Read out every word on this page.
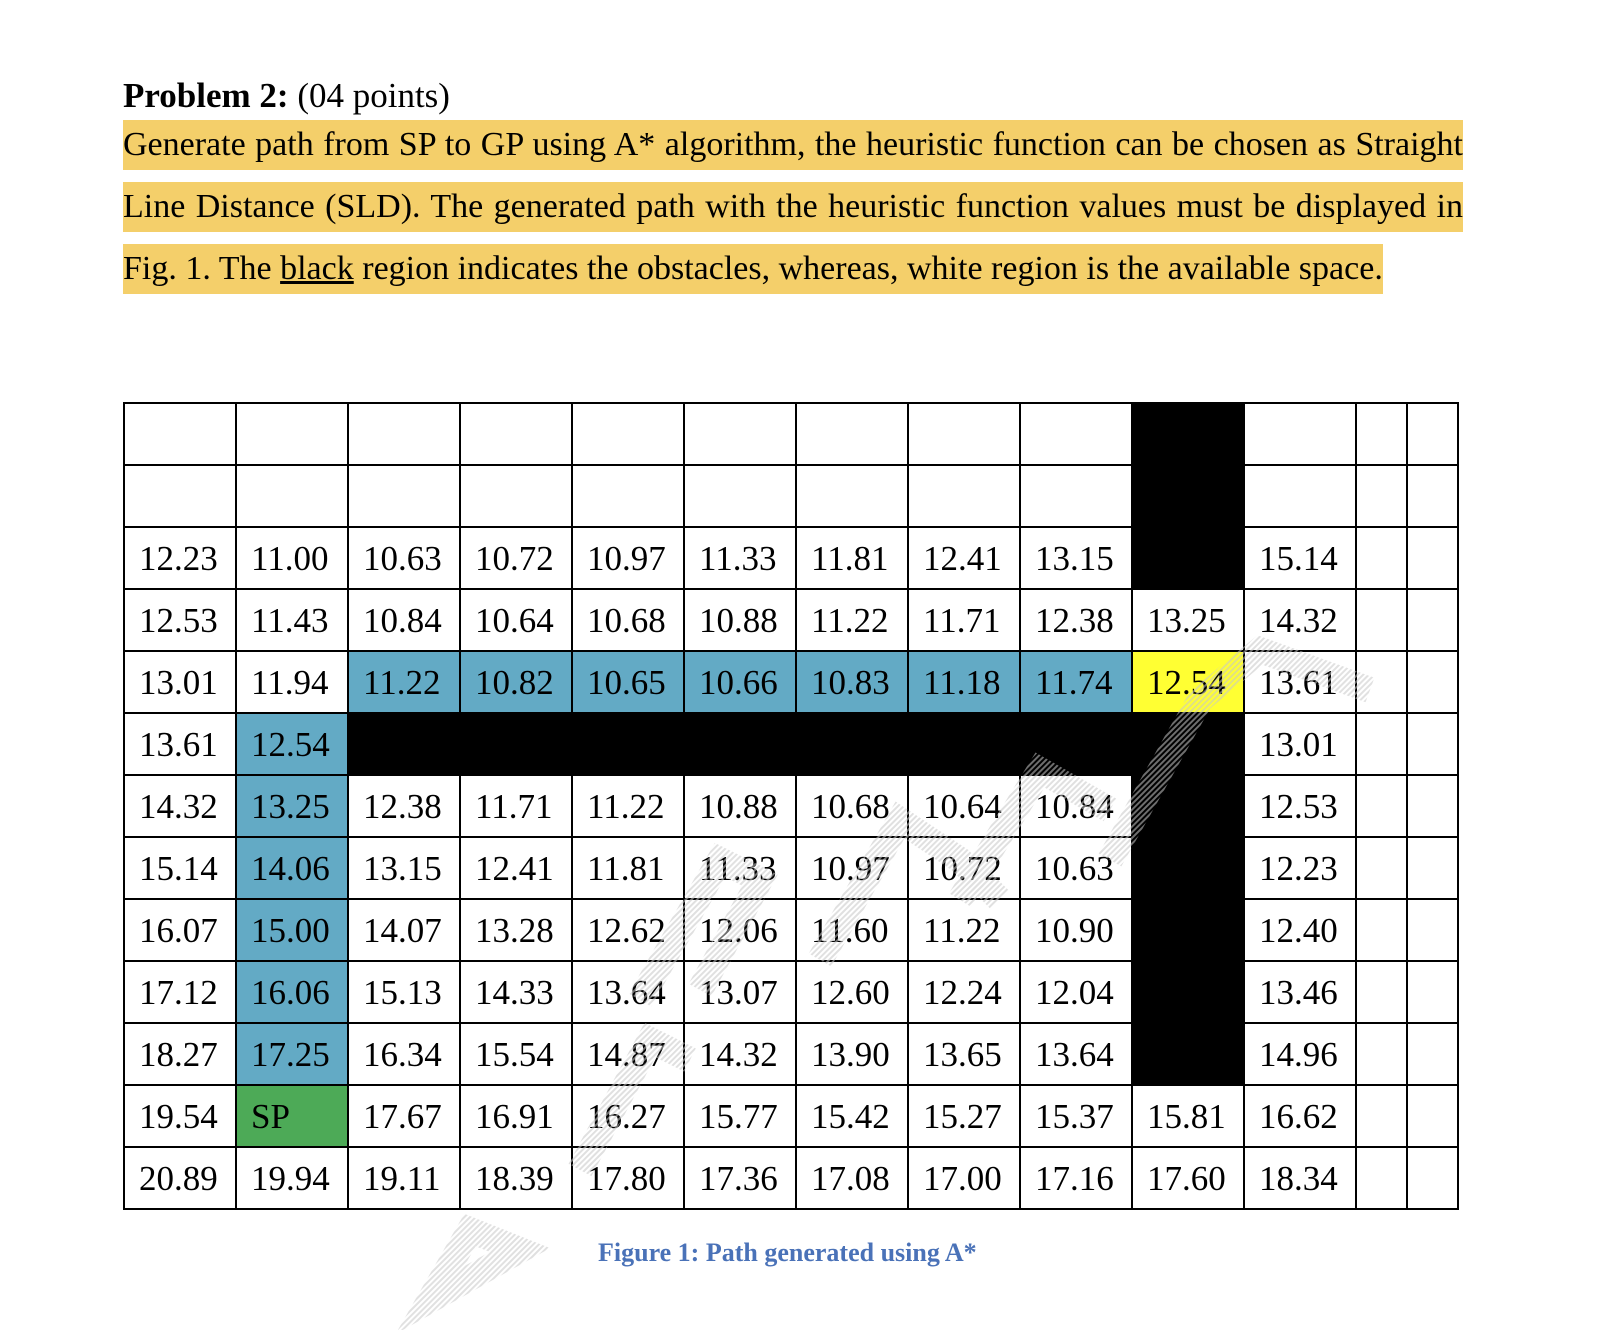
Problem 2: (04 points)
Generate path from SP to GP using A* algorithm, the heuristic function can be chosen as Straight Line Distance (SLD). The generated path with the heuristic function values must be displayed in Fig. 1. The black region indicates the obstacles, whereas, white region is the available space.

12.23	11.00	10.63	10.72	10.97	11.33	11.81	12.41	13.15		15.14		
12.53	11.43	10.84	10.64	10.68	10.88	11.22	11.71	12.38	13.25	14.32		
13.01	11.94	11.22	10.82	10.65	10.66	10.83	11.18	11.74	12.54	13.61		
13.61	12.54									13.01		
14.32	13.25	12.38	11.71	11.22	10.88	10.68	10.64	10.84		12.53		
15.14	14.06	13.15	12.41	11.81	11.33	10.97	10.72	10.63		12.23		
16.07	15.00	14.07	13.28	12.62	12.06	11.60	11.22	10.90		12.40		
17.12	16.06	15.13	14.33	13.64	13.07	12.60	12.24	12.04		13.46		
18.27	17.25	16.34	15.54	14.87	14.32	13.90	13.65	13.64		14.96		
19.54	SP	17.67	16.91	16.27	15.77	15.42	15.27	15.37	15.81	16.62		
20.89	19.94	19.11	18.39	17.80	17.36	17.08	17.00	17.16	17.60	18.34		
Figure 1: Path generated using A*
